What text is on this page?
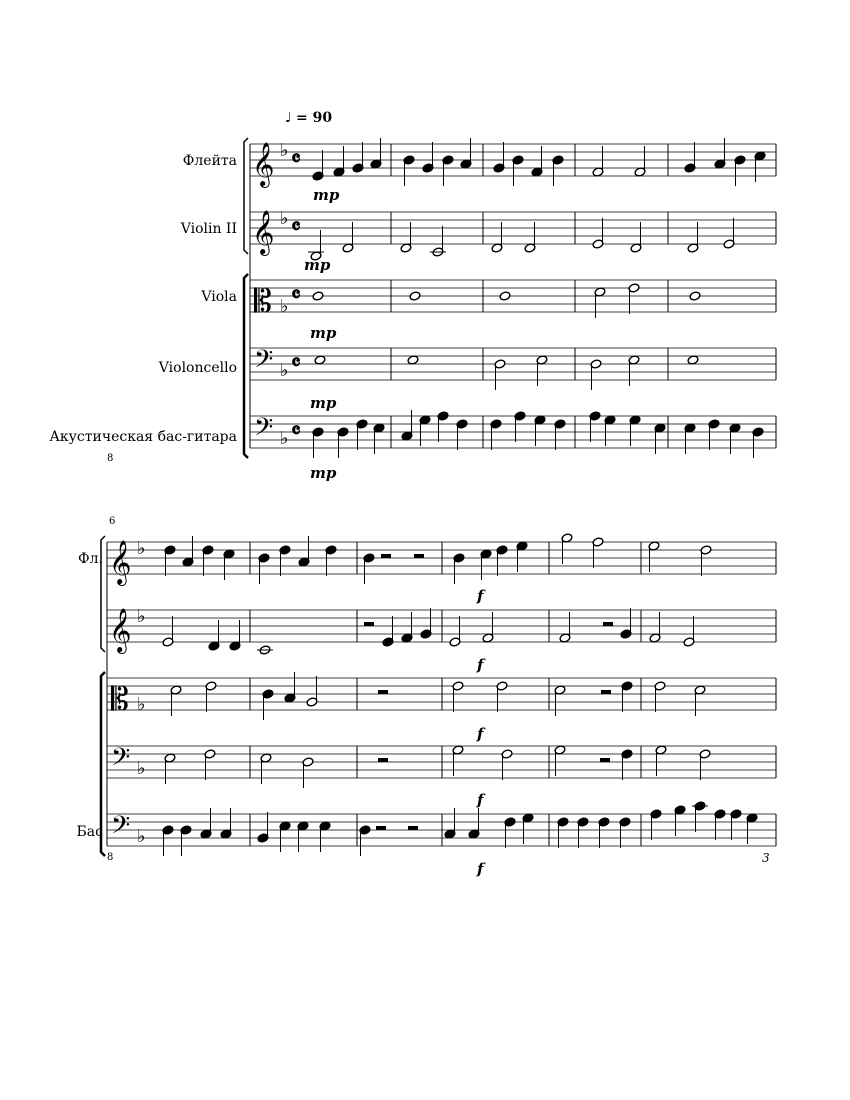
𝄞 ♭ 𝄴
𝄞 ♭ 𝄴
𝄡 ♭ 𝄴
𝄢 ♭ 𝄴
𝄢 ♭ 𝄴
𝄞 ♭
𝄞 ♭
𝄡 ♭
𝄢 ♭
𝄢 ♭
♩ = 90
Флейта
Violin II
Viola
Violoncello
Акустическая бас-гитара
6
Фл.
Бас
mp
mp
mp
mp
mp
f
f
f
f
f
8
8	3
